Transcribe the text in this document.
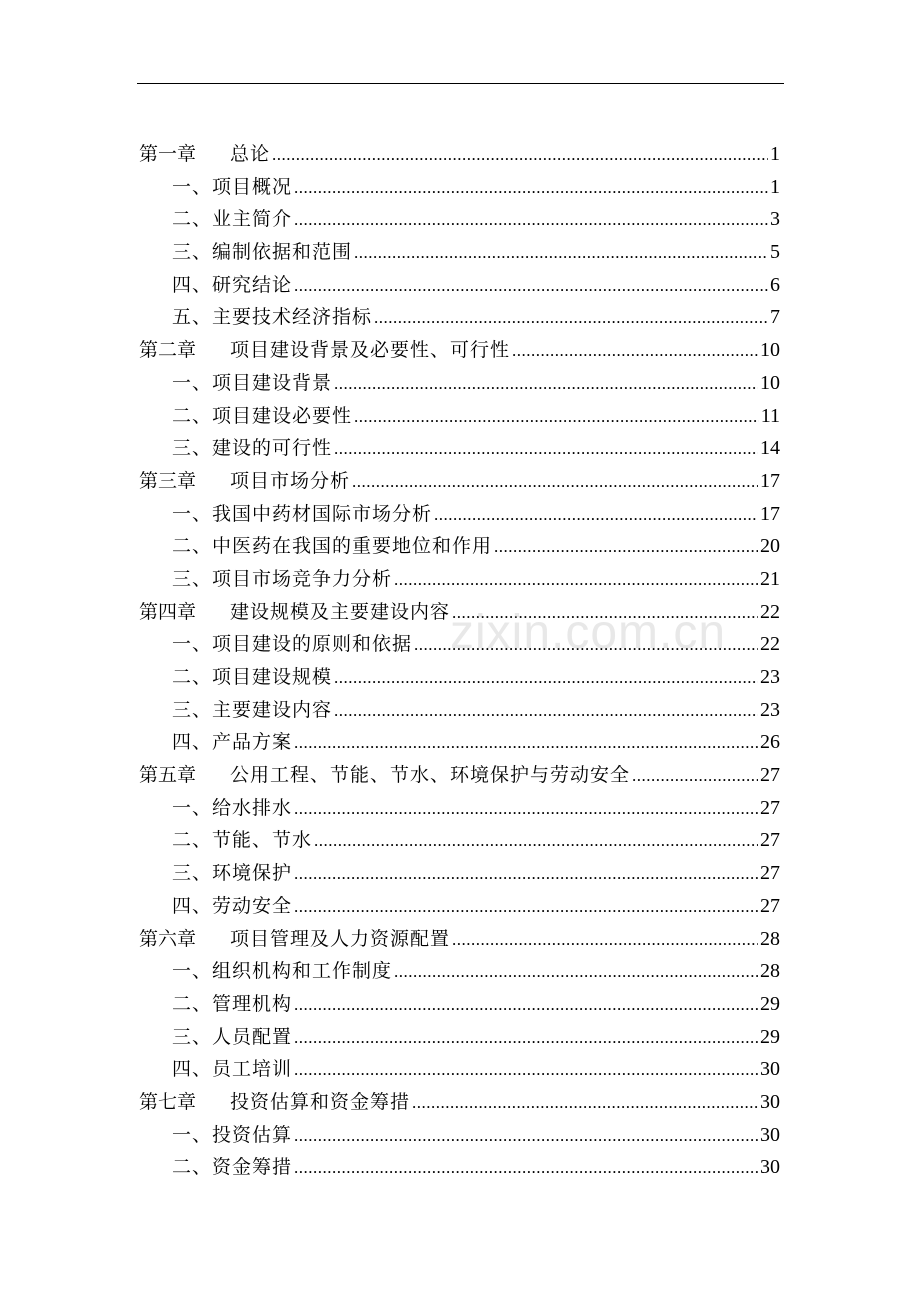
第一章 总论 .....	1
一、项目概况 .....	1
二、业主简介 .....	3
三、编制依据和范围 .....	5
四、研究结论 .....	6
五、主要技术经济指标 .....	7
第二章 项目建设背景及必要性、可行性 .....	10
一、项目建设背景 .....	10
二、项目建设必要性 .....	11
三、建设的可行性 .....	14
第三章 项目市场分析 .....	17
一、我国中药材国际市场分析 .....	17
二、中医药在我国的重要地位和作用 .....	20
三、项目市场竞争力分析 .....	21
第四章 建设规模及主要建设内容 .....	22
一、项目建设的原则和依据 .....	22
二、项目建设规模 .....	23
三、主要建设内容 .....	23
四、产品方案 .....	26
第五章 公用工程、节能、节水、环境保护与劳动安全 .....	27
一、给水排水 .....	27
二、节能、节水 .....	27
三、环境保护 .....	27
四、劳动安全 .....	27
第六章 项目管理及人力资源配置 .....	28
一、组织机构和工作制度 .....	28
二、管理机构 .....	29
三、人员配置 .....	29
四、员工培训 .....	30
第七章 投资估算和资金筹措 .....	30
一、投资估算 .....	30
二、资金筹措 .....	30
zixin.com.cn
